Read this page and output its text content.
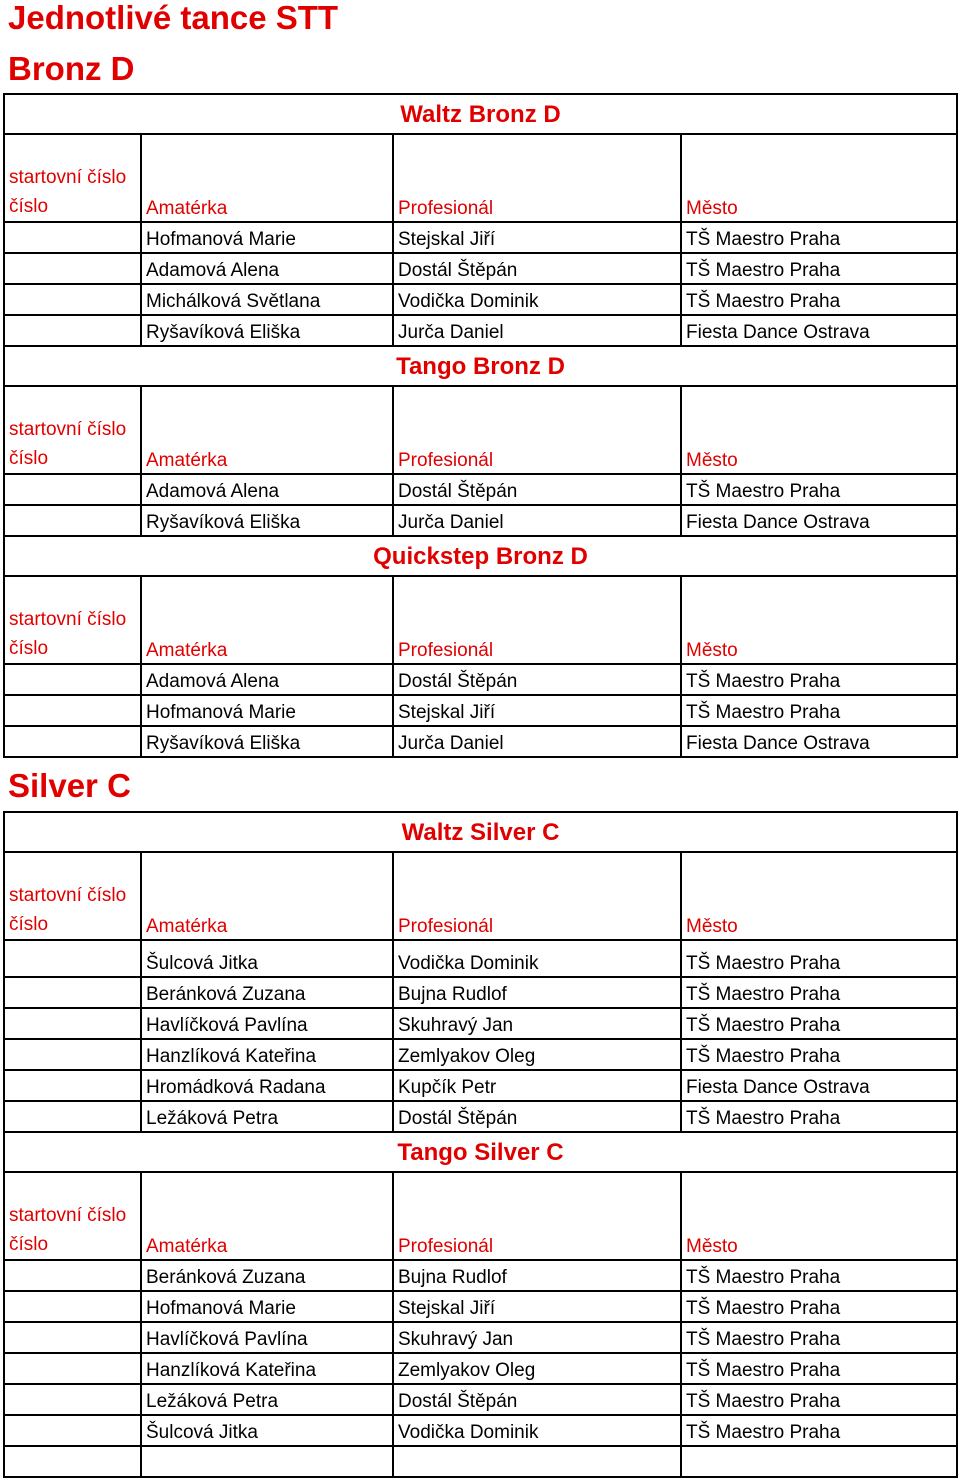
Jednotlivé tance STT
Bronz D
Waltz Bronz D			
startovní číslo číslo	Amatérka	Profesionál	Město
	Hofmanová Marie	Stejskal Jiří	TŠ Maestro Praha
	Adamová Alena	Dostál Štěpán	TŠ Maestro Praha
	Michálková Světlana	Vodička Dominik	TŠ Maestro Praha
	Ryšavíková Eliška	Jurča Daniel	Fiesta Dance Ostrava
Tango Bronz D			
startovní číslo číslo	Amatérka	Profesionál	Město
	Adamová Alena	Dostál Štěpán	TŠ Maestro Praha
	Ryšavíková Eliška	Jurča Daniel	Fiesta Dance Ostrava
Quickstep Bronz D			
startovní číslo číslo	Amatérka	Profesionál	Město
	Adamová Alena	Dostál Štěpán	TŠ Maestro Praha
	Hofmanová Marie	Stejskal Jiří	TŠ Maestro Praha
	Ryšavíková Eliška	Jurča Daniel	Fiesta Dance Ostrava
Silver C
Waltz Silver C			
startovní číslo číslo	Amatérka	Profesionál	Město
	Šulcová Jitka	Vodička Dominik	TŠ Maestro Praha
	Beránková Zuzana	Bujna Rudlof	TŠ Maestro Praha
	Havlíčková Pavlína	Skuhravý Jan	TŠ Maestro Praha
	Hanzlíková Kateřina	Zemlyakov Oleg	TŠ Maestro Praha
	Hromádková Radana	Kupčík Petr	Fiesta Dance Ostrava
	Ležáková Petra	Dostál Štěpán	TŠ Maestro Praha
Tango Silver C			
startovní číslo číslo	Amatérka	Profesionál	Město
	Beránková Zuzana	Bujna Rudlof	TŠ Maestro Praha
	Hofmanová Marie	Stejskal Jiří	TŠ Maestro Praha
	Havlíčková Pavlína	Skuhravý Jan	TŠ Maestro Praha
	Hanzlíková Kateřina	Zemlyakov Oleg	TŠ Maestro Praha
	Ležáková Petra	Dostál Štěpán	TŠ Maestro Praha
	Šulcová Jitka	Vodička Dominik	TŠ Maestro Praha
